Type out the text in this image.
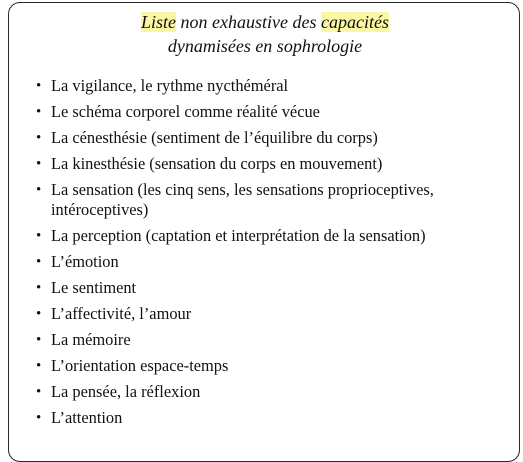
Liste non exhaustive des capacités
dynamisées en sophrologie
• La vigilance, le rythme nycthéméral
• Le schéma corporel comme réalité vécue
• La cénesthésie (sentiment de l’équilibre du corps)
• La kinesthésie (sensation du corps en mouvement)
• La sensation (les cinq sens, les sensations proprioceptives, intéroceptives)
• La perception (captation et interprétation de la sensation)
• L’émotion
• Le sentiment
• L’affectivité, l’amour
• La mémoire
• L’orientation espace-temps
• La pensée, la réflexion
• L’attention
